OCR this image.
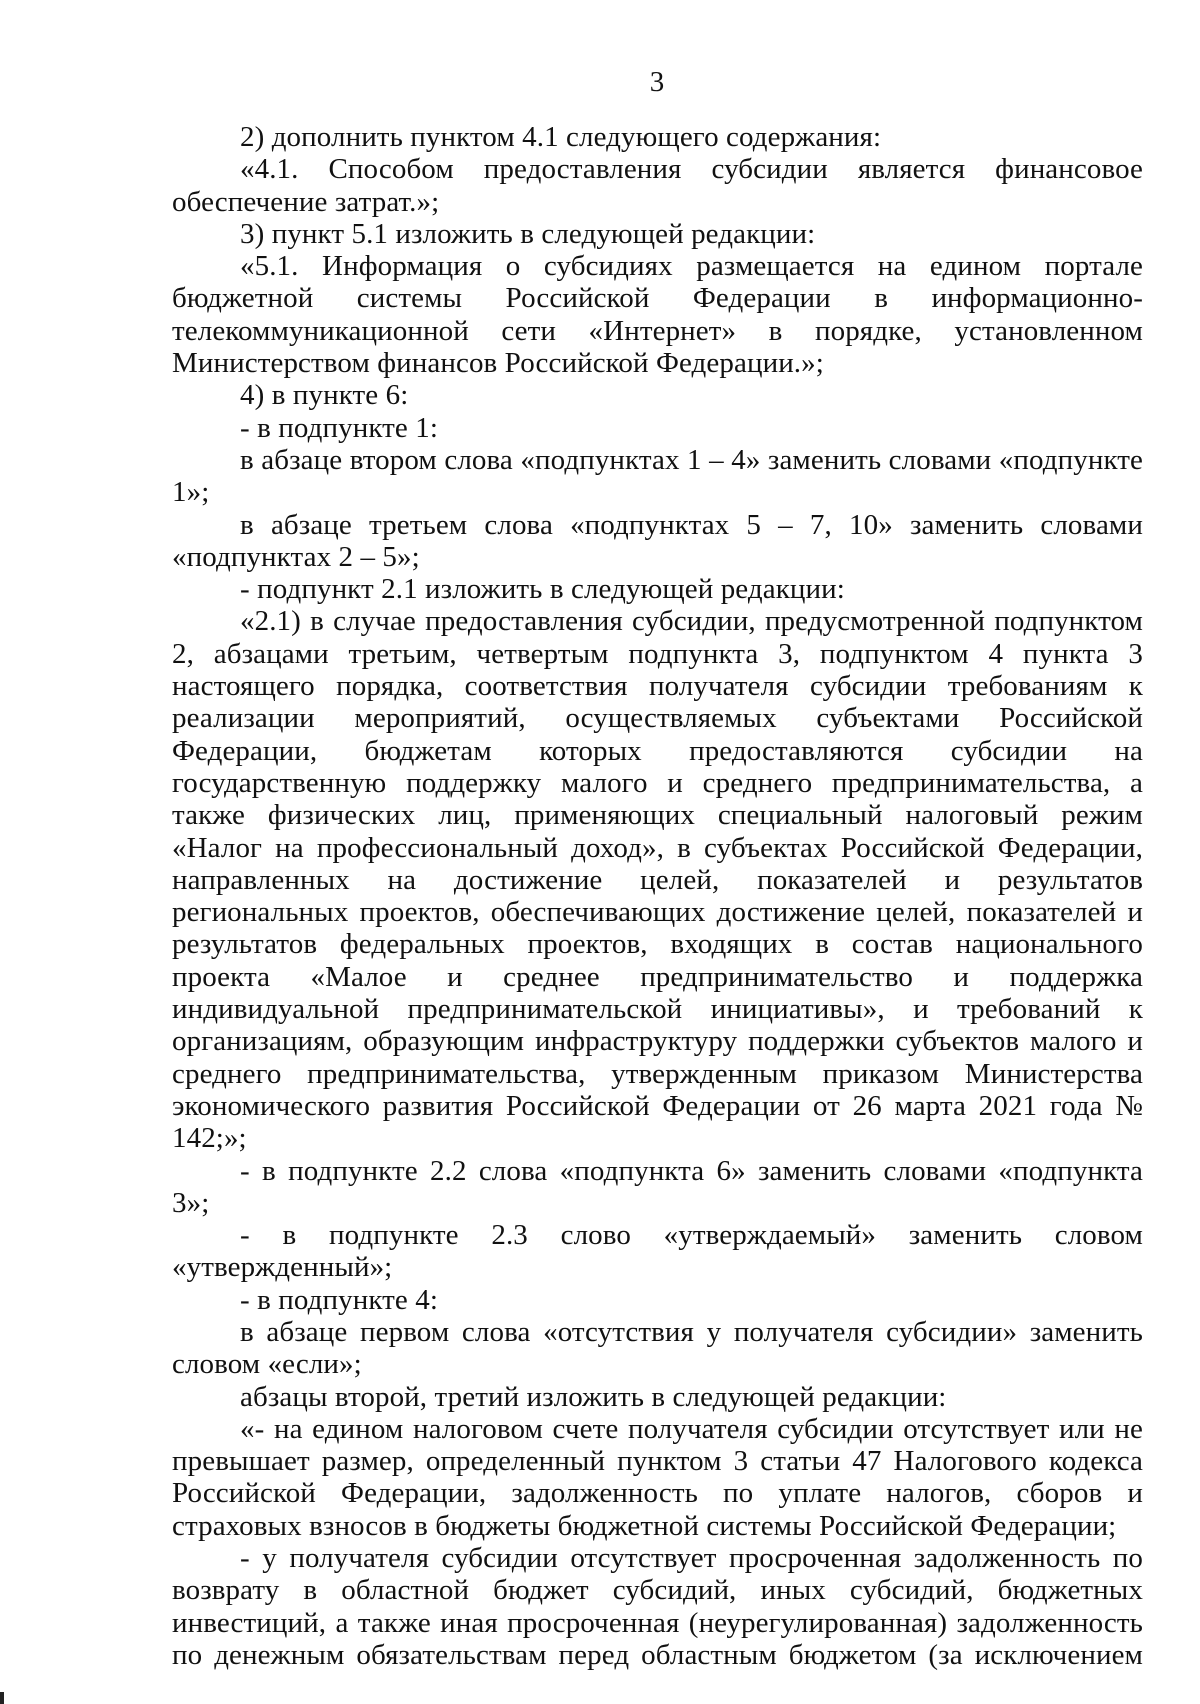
3

2) дополнить пунктом 4.1 следующего содержания:

«4.1. Способом предоставления субсидии является финансовое обеспечение затрат.»;

3) пункт 5.1 изложить в следующей редакции:

«5.1. Информация о субсидиях размещается на едином портале бюджетной системы Российской Федерации в информационно-телекоммуникационной сети «Интернет» в порядке, установленном Министерством финансов Российской Федерации.»;

4) в пункте 6:

- в подпункте 1:

в абзаце втором слова «подпунктах 1 – 4» заменить словами «подпункте 1»;

в абзаце третьем слова «подпунктах 5 – 7, 10» заменить словами «подпунктах 2 – 5»;

- подпункт 2.1 изложить в следующей редакции:

«2.1) в случае предоставления субсидии, предусмотренной подпунктом 2, абзацами третьим, четвертым подпункта 3, подпунктом 4 пункта 3 настоящего порядка, соответствия получателя субсидии требованиям к реализации мероприятий, осуществляемых субъектами Российской Федерации, бюджетам которых предоставляются субсидии на государственную поддержку малого и среднего предпринимательства, а также физических лиц, применяющих специальный налоговый режим «Налог на профессиональный доход», в субъектах Российской Федерации, направленных на достижение целей, показателей и результатов региональных проектов, обеспечивающих достижение целей, показателей и результатов федеральных проектов, входящих в состав национального проекта «Малое и среднее предпринимательство и поддержка индивидуальной предпринимательской инициативы», и требований к организациям, образующим инфраструктуру поддержки субъектов малого и среднего предпринимательства, утвержденным приказом Министерства экономического развития Российской Федерации от 26 марта 2021 года № 142;»;

- в подпункте 2.2 слова «подпункта 6» заменить словами «подпункта 3»;

- в подпункте 2.3 слово «утверждаемый» заменить словом «утвержденный»;

- в подпункте 4:

в абзаце первом слова «отсутствия у получателя субсидии» заменить словом «если»;

абзацы второй, третий изложить в следующей редакции:

«- на едином налоговом счете получателя субсидии отсутствует или не превышает размер, определенный пунктом 3 статьи 47 Налогового кодекса Российской Федерации, задолженность по уплате налогов, сборов и страховых взносов в бюджеты бюджетной системы Российской Федерации;

- у получателя субсидии отсутствует просроченная задолженность по возврату в областной бюджет субсидий, иных субсидий, бюджетных инвестиций, а также иная просроченная (неурегулированная) задолженность по денежным обязательствам перед областным бюджетом (за исключением
